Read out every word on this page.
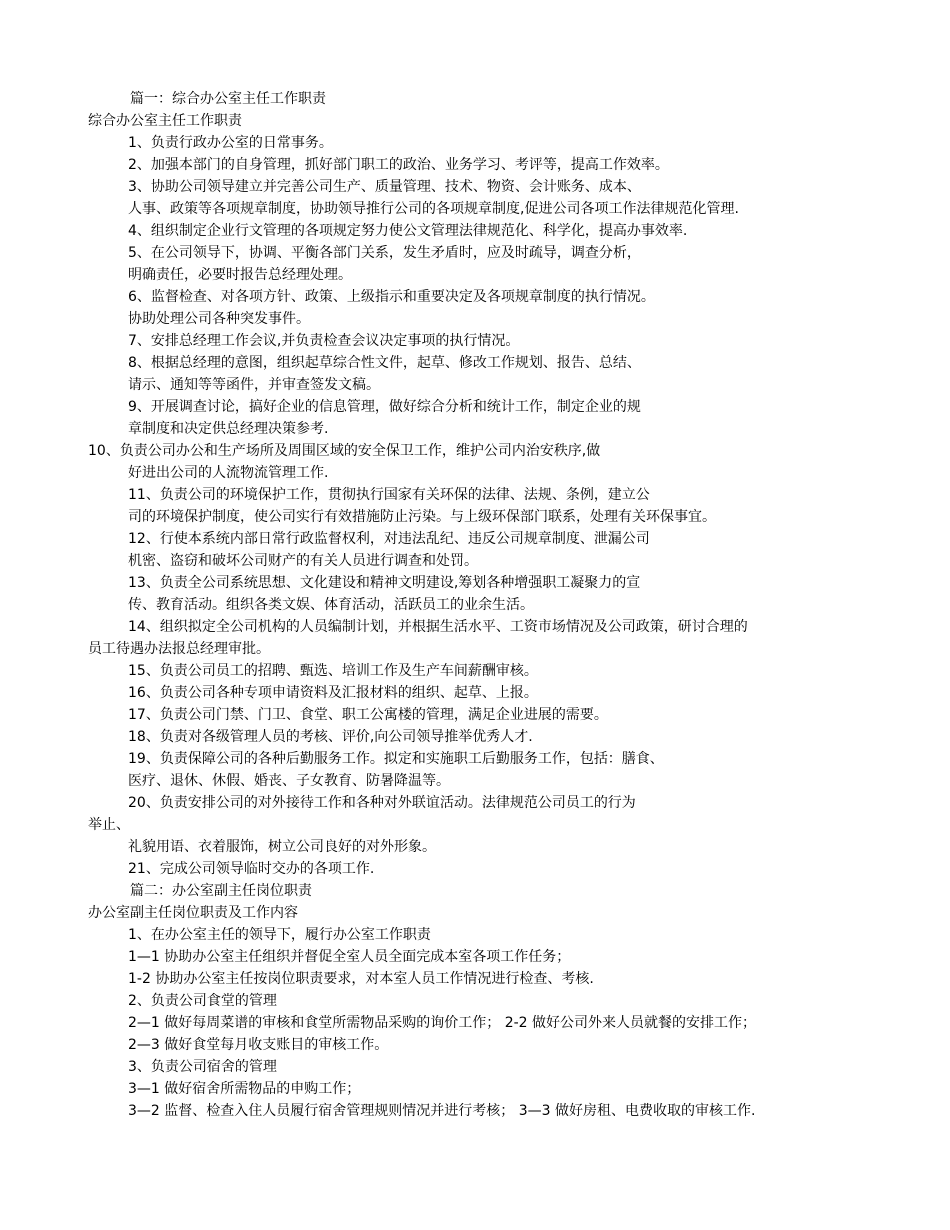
篇一：综合办公室主任工作职责
综合办公室主任工作职责
1、负责行政办公室的日常事务。
2、加强本部门的自身管理，抓好部门职工的政治、业务学习、考评等，提高工作效率。
3、协助公司领导建立并完善公司生产、质量管理、技术、物资、会计账务、成本、
人事、政策等各项规章制度，协助领导推行公司的各项规章制度,促进公司各项工作法律规范化管理.
4、组织制定企业行文管理的各项规定努力使公文管理法律规范化、科学化，提高办事效率.
5、在公司领导下，协调、平衡各部门关系，发生矛盾时，应及时疏导，调查分析，
明确责任，必要时报告总经理处理。
6、监督检查、对各项方针、政策、上级指示和重要决定及各项规章制度的执行情况。
协助处理公司各种突发事件。
7、安排总经理工作会议,并负责检查会议决定事项的执行情况。
8、根据总经理的意图，组织起草综合性文件，起草、修改工作规划、报告、总结、
请示、通知等等函件，并审查签发文稿。
9、开展调查讨论，搞好企业的信息管理，做好综合分析和统计工作，制定企业的规
章制度和决定供总经理决策参考.
10、负责公司办公和生产场所及周围区域的安全保卫工作，维护公司内治安秩序,做
好进出公司的人流物流管理工作.
11、负责公司的环境保护工作，贯彻执行国家有关环保的法律、法规、条例，建立公
司的环境保护制度，使公司实行有效措施防止污染。与上级环保部门联系，处理有关环保事宜。
12、行使本系统内部日常行政监督权利，对违法乱纪、违反公司规章制度、泄漏公司
机密、盗窃和破坏公司财产的有关人员进行调查和处罚。
13、负责全公司系统思想、文化建设和精神文明建设,筹划各种增强职工凝聚力的宣
传、教育活动。组织各类文娱、体育活动，活跃员工的业余生活。
14、组织拟定全公司机构的人员编制计划，并根据生活水平、工资市场情况及公司政策，研讨合理的
员工待遇办法报总经理审批。
15、负责公司员工的招聘、甄选、培训工作及生产车间薪酬审核。
16、负责公司各种专项申请资料及汇报材料的组织、起草、上报。
17、负责公司门禁、门卫、食堂、职工公寓楼的管理，满足企业进展的需要。
18、负责对各级管理人员的考核、评价,向公司领导推举优秀人才.
19、负责保障公司的各种后勤服务工作。拟定和实施职工后勤服务工作，包括：膳食、
医疗、退休、休假、婚丧、子女教育、防暑降温等。
20、负责安排公司的对外接待工作和各种对外联谊活动。法律规范公司员工的行为
举止、
礼貌用语、衣着服饰，树立公司良好的对外形象。
21、完成公司领导临时交办的各项工作.
篇二：办公室副主任岗位职责
办公室副主任岗位职责及工作内容
1、在办公室主任的领导下，履行办公室工作职责
1—1 协助办公室主任组织并督促全室人员全面完成本室各项工作任务；
1-2 协助办公室主任按岗位职责要求，对本室人员工作情况进行检查、考核.
2、负责公司食堂的管理
2—1 做好每周菜谱的审核和食堂所需物品采购的询价工作； 2-2 做好公司外来人员就餐的安排工作；
2—3 做好食堂每月收支账目的审核工作。
3、负责公司宿舍的管理
3—1 做好宿舍所需物品的申购工作；
3—2 监督、检查入住人员履行宿舍管理规则情况并进行考核； 3—3 做好房租、电费收取的审核工作.
